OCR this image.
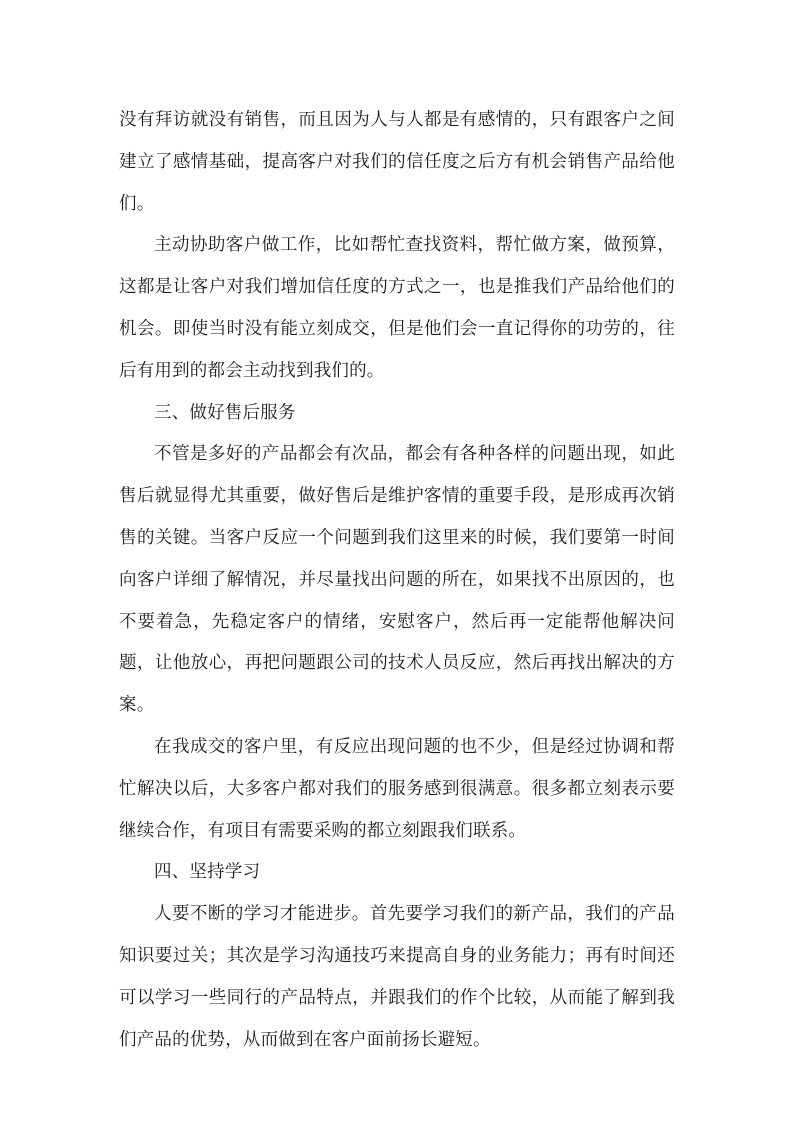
没有拜访就没有销售，而且因为人与人都是有感情的，只有跟客户之间建立了感情基础，提高客户对我们的信任度之后方有机会销售产品给他们。

主动协助客户做工作，比如帮忙查找资料，帮忙做方案，做预算，这都是让客户对我们增加信任度的方式之一，也是推我们产品给他们的机会。即使当时没有能立刻成交，但是他们会一直记得你的功劳的，往后有用到的都会主动找到我们的。

三、做好售后服务

不管是多好的产品都会有次品，都会有各种各样的问题出现，如此售后就显得尤其重要，做好售后是维护客情的重要手段，是形成再次销售的关键。当客户反应一个问题到我们这里来的时候，我们要第一时间向客户详细了解情况，并尽量找出问题的所在，如果找不出原因的，也不要着急，先稳定客户的情绪，安慰客户，然后再一定能帮他解决问题，让他放心，再把问题跟公司的技术人员反应，然后再找出解决的方案。

在我成交的客户里，有反应出现问题的也不少，但是经过协调和帮忙解决以后，大多客户都对我们的服务感到很满意。很多都立刻表示要继续合作，有项目有需要采购的都立刻跟我们联系。

四、坚持学习

人要不断的学习才能进步。首先要学习我们的新产品，我们的产品知识要过关；其次是学习沟通技巧来提高自身的业务能力；再有时间还可以学习一些同行的产品特点，并跟我们的作个比较，从而能了解到我们产品的优势，从而做到在客户面前扬长避短。
